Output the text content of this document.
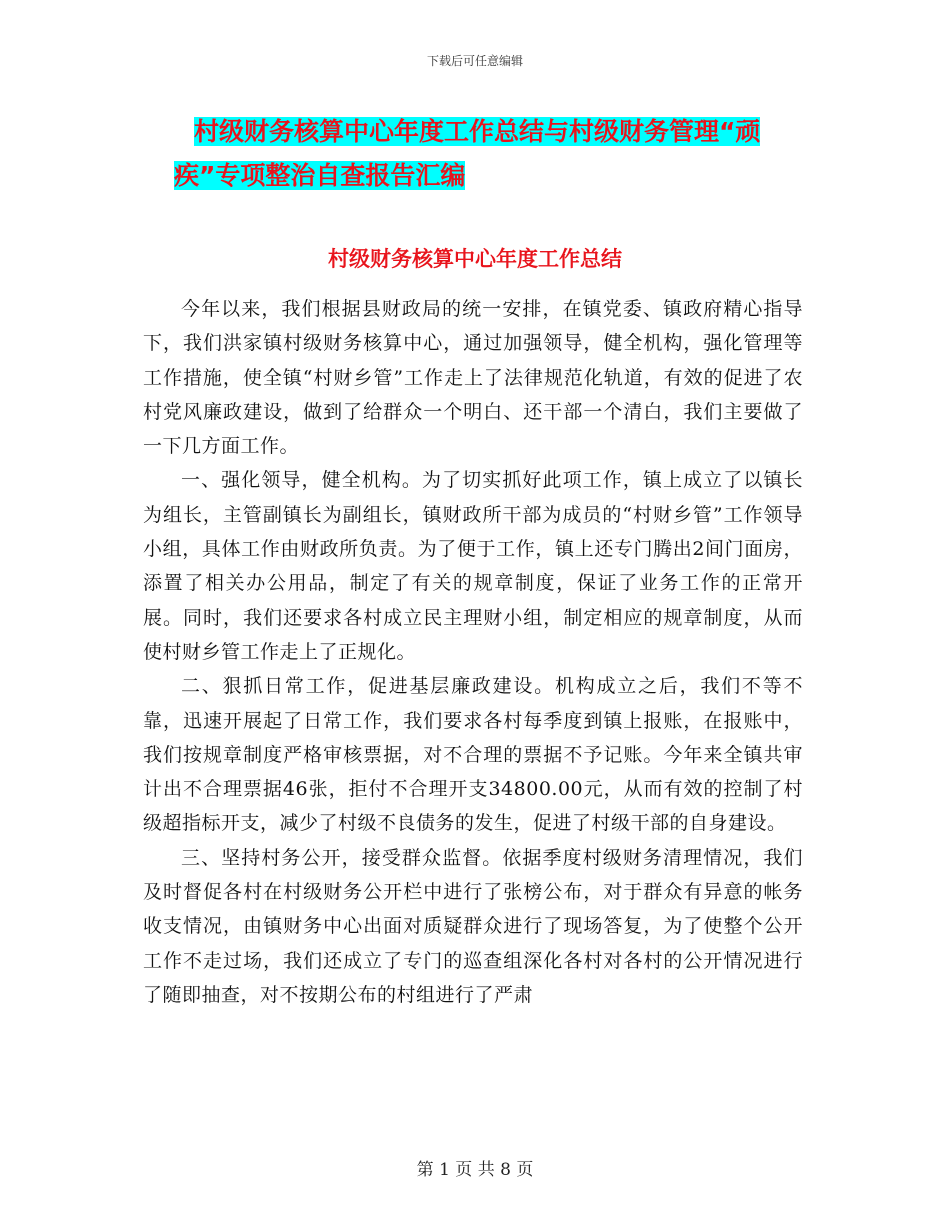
下载后可任意编辑
村级财务核算中心年度工作总结与村级财务管理“顽
疾”专项整治自查报告汇编
村级财务核算中心年度工作总结

今年以来，我们根据县财政局的统一安排，在镇党委、镇政府精心指导下，我们洪家镇村级财务核算中心，通过加强领导，健全机构，强化管理等工作措施，使全镇“村财乡管”工作走上了法律规范化轨道，有效的促进了农村党风廉政建设，做到了给群众一个明白、还干部一个清白，我们主要做了一下几方面工作。

一、强化领导，健全机构。为了切实抓好此项工作，镇上成立了以镇长为组长，主管副镇长为副组长，镇财政所干部为成员的“村财乡管”工作领导小组，具体工作由财政所负责。为了便于工作，镇上还专门腾出2间门面房，添置了相关办公用品，制定了有关的规章制度，保证了业务工作的正常开展。同时，我们还要求各村成立民主理财小组，制定相应的规章制度，从而使村财乡管工作走上了正规化。

二、狠抓日常工作，促进基层廉政建设。机构成立之后，我们不等不靠，迅速开展起了日常工作，我们要求各村每季度到镇上报账，在报账中，我们按规章制度严格审核票据，对不合理的票据不予记账。今年来全镇共审计出不合理票据46张，拒付不合理开支34800.00元，从而有效的控制了村级超指标开支，减少了村级不良债务的发生，促进了村级干部的自身建设。

三、坚持村务公开，接受群众监督。依据季度村级财务清理情况，我们及时督促各村在村级财务公开栏中进行了张榜公布，对于群众有异意的帐务收支情况，由镇财务中心出面对质疑群众进行了现场答复，为了使整个公开工作不走过场，我们还成立了专门的巡查组深化各村对各村的公开情况进行了随即抽查，对不按期公布的村组进行了严肃

第 1 页 共 8 页
